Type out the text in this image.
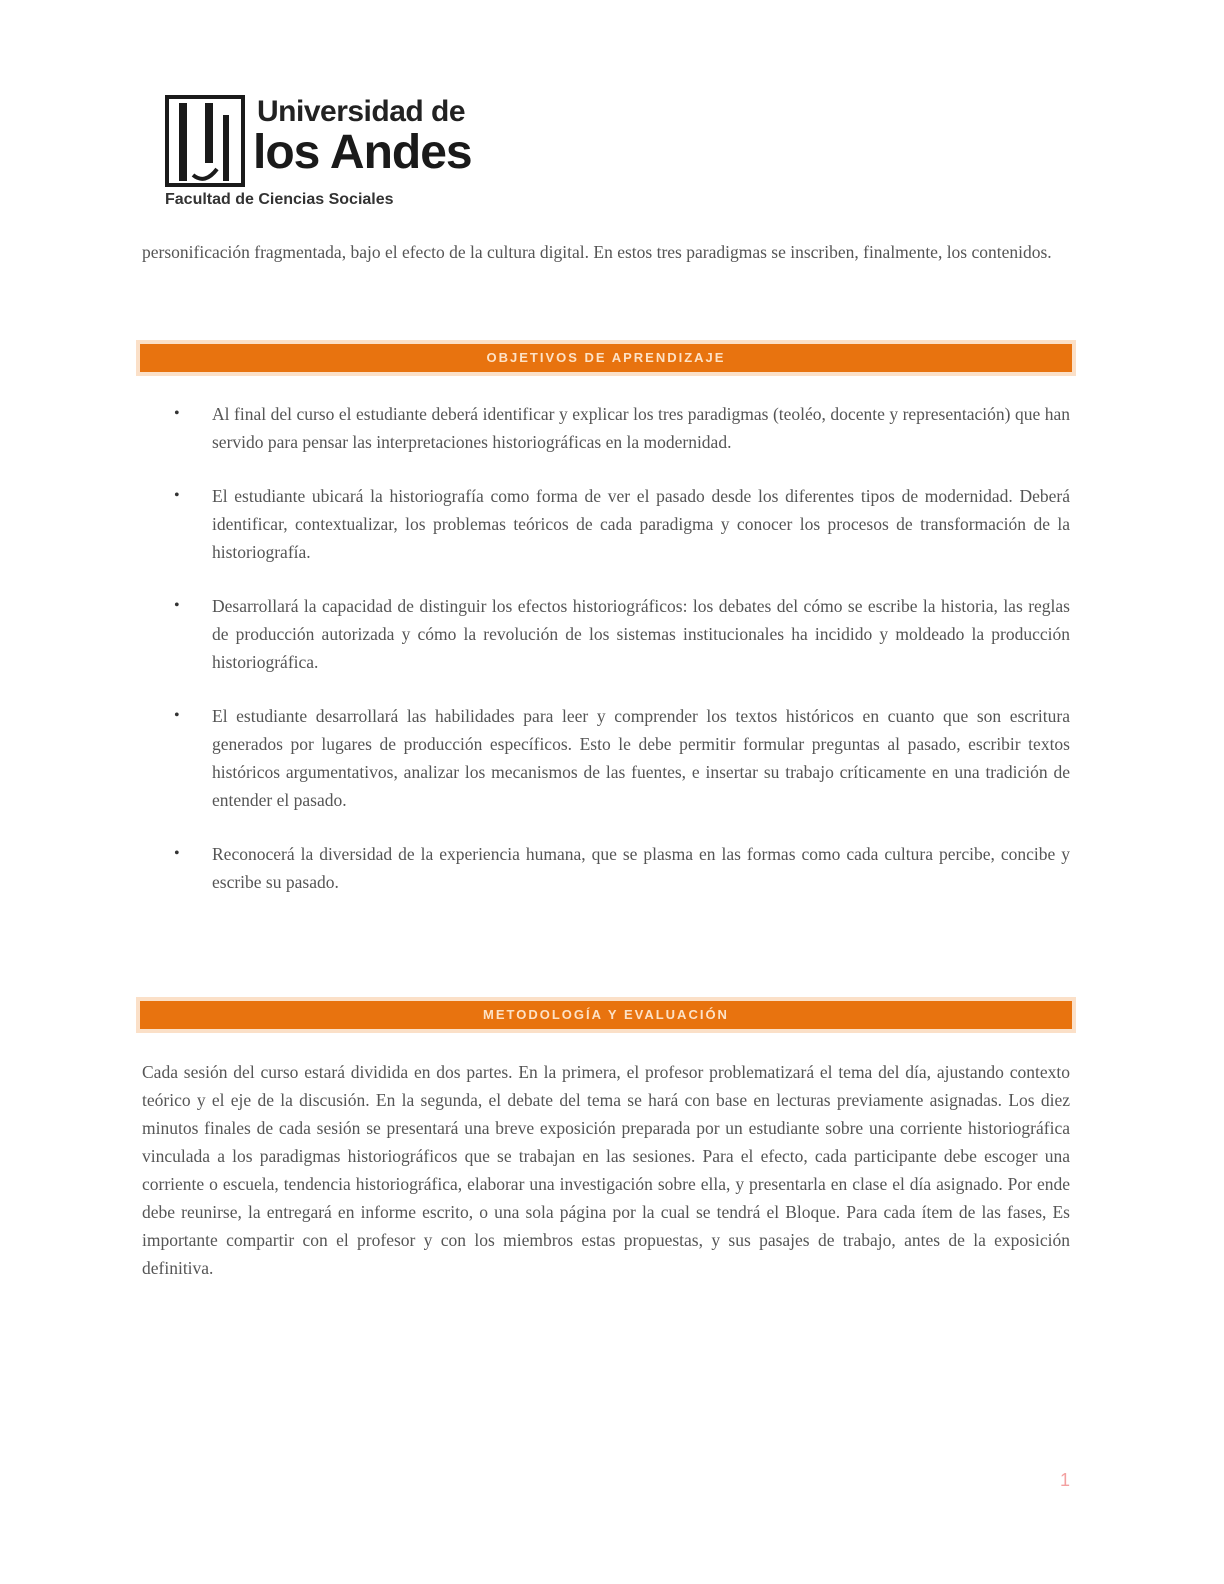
Universidad de
los Andes
Facultad de Ciencias Sociales

personificación fragmentada, bajo el efecto de la cultura digital. En estos tres paradigmas se inscriben, finalmente, los contenidos.

OBJETIVOS DE APRENDIZAJE
• Al final del curso el estudiante deberá identificar y explicar los tres paradigmas (teoléo, docente y representación) que han servido para pensar las interpretaciones historiográficas en la modernidad.
• El estudiante ubicará la historiografía como forma de ver el pasado desde los diferentes tipos de modernidad. Deberá identificar, contextualizar, los problemas teóricos de cada paradigma y conocer los procesos de transformación de la historiografía.
• Desarrollará la capacidad de distinguir los efectos historiográficos: los debates del cómo se escribe la historia, las reglas de producción autorizada y cómo la revolución de los sistemas institucionales ha incidido y moldeado la producción historiográfica.
• El estudiante desarrollará las habilidades para leer y comprender los textos históricos en cuanto que son escritura generados por lugares de producción específicos. Esto le debe permitir formular preguntas al pasado, escribir textos históricos argumentativos, analizar los mecanismos de las fuentes, e insertar su trabajo críticamente en una tradición de entender el pasado.
• Reconocerá la diversidad de la experiencia humana, que se plasma en las formas como cada cultura percibe, concibe y escribe su pasado.
METODOLOGÍA Y EVALUACIÓN

Cada sesión del curso estará dividida en dos partes. En la primera, el profesor problematizará el tema del día, ajustando contexto teórico y el eje de la discusión. En la segunda, el debate del tema se hará con base en lecturas previamente asignadas. Los diez minutos finales de cada sesión se presentará una breve exposición preparada por un estudiante sobre una corriente historiográfica vinculada a los paradigmas historiográficos que se trabajan en las sesiones. Para el efecto, cada participante debe escoger una corriente o escuela, tendencia historiográfica, elaborar una investigación sobre ella, y presentarla en clase el día asignado. Por ende debe reunirse, la entregará en informe escrito, o una sola página por la cual se tendrá el Bloque. Para cada ítem de las fases, Es importante compartir con el profesor y con los miembros estas propuestas, y sus pasajes de trabajo, antes de la exposición definitiva.

1
